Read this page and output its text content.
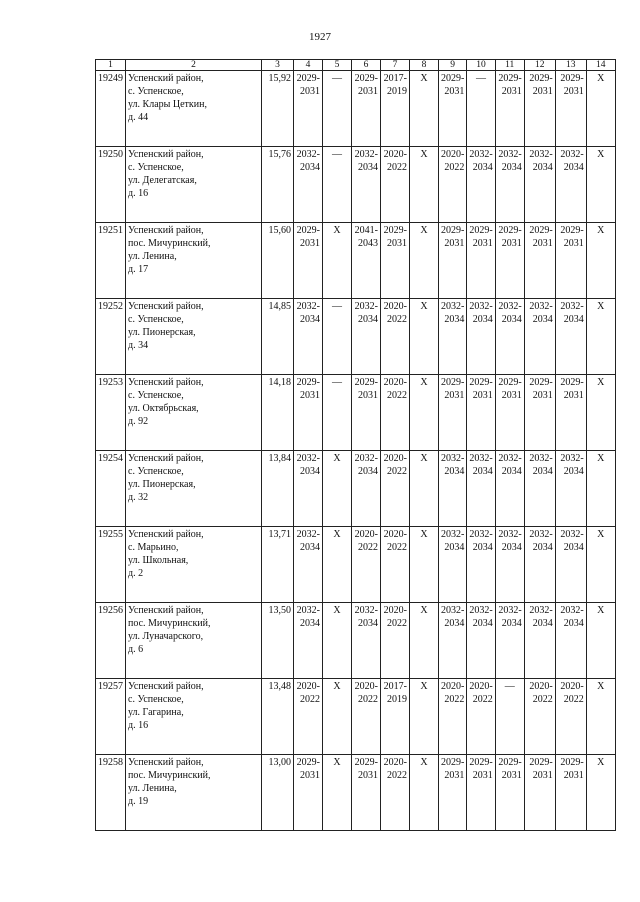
1927
1	2	3	4	5	6	7	8	9	10	11	12	13	14
19249	Успенский район,
с. Успенское,
ул. Клары Цеткин,
д. 44	15,92	2029-
2031	—	2029-
2031	2017-
2019	X	2029-
2031	—	2029-
2031	2029-
2031	2029-
2031	X
19250	Успенский район,
с. Успенское,
ул. Делегатская,
д. 16	15,76	2032-
2034	—	2032-
2034	2020-
2022	X	2020-
2022	2032-
2034	2032-
2034	2032-
2034	2032-
2034	X
19251	Успенский район,
пос. Мичуринский,
ул. Ленина,
д. 17	15,60	2029-
2031	X	2041-
2043	2029-
2031	X	2029-
2031	2029-
2031	2029-
2031	2029-
2031	2029-
2031	X
19252	Успенский район,
с. Успенское,
ул. Пионерская,
д. 34	14,85	2032-
2034	—	2032-
2034	2020-
2022	X	2032-
2034	2032-
2034	2032-
2034	2032-
2034	2032-
2034	X
19253	Успенский район,
с. Успенское,
ул. Октябрьская,
д. 92	14,18	2029-
2031	—	2029-
2031	2020-
2022	X	2029-
2031	2029-
2031	2029-
2031	2029-
2031	2029-
2031	X
19254	Успенский район,
с. Успенское,
ул. Пионерская,
д. 32	13,84	2032-
2034	X	2032-
2034	2020-
2022	X	2032-
2034	2032-
2034	2032-
2034	2032-
2034	2032-
2034	X
19255	Успенский район,
с. Марьино,
ул. Школьная,
д. 2	13,71	2032-
2034	X	2020-
2022	2020-
2022	X	2032-
2034	2032-
2034	2032-
2034	2032-
2034	2032-
2034	X
19256	Успенский район,
пос. Мичуринский,
ул. Луначарского,
д. 6	13,50	2032-
2034	X	2032-
2034	2020-
2022	X	2032-
2034	2032-
2034	2032-
2034	2032-
2034	2032-
2034	X
19257	Успенский район,
с. Успенское,
ул. Гагарина,
д. 16	13,48	2020-
2022	X	2020-
2022	2017-
2019	X	2020-
2022	2020-
2022	—	2020-
2022	2020-
2022	X
19258	Успенский район,
пос. Мичуринский,
ул. Ленина,
д. 19	13,00	2029-
2031	X	2029-
2031	2020-
2022	X	2029-
2031	2029-
2031	2029-
2031	2029-
2031	2029-
2031	X
